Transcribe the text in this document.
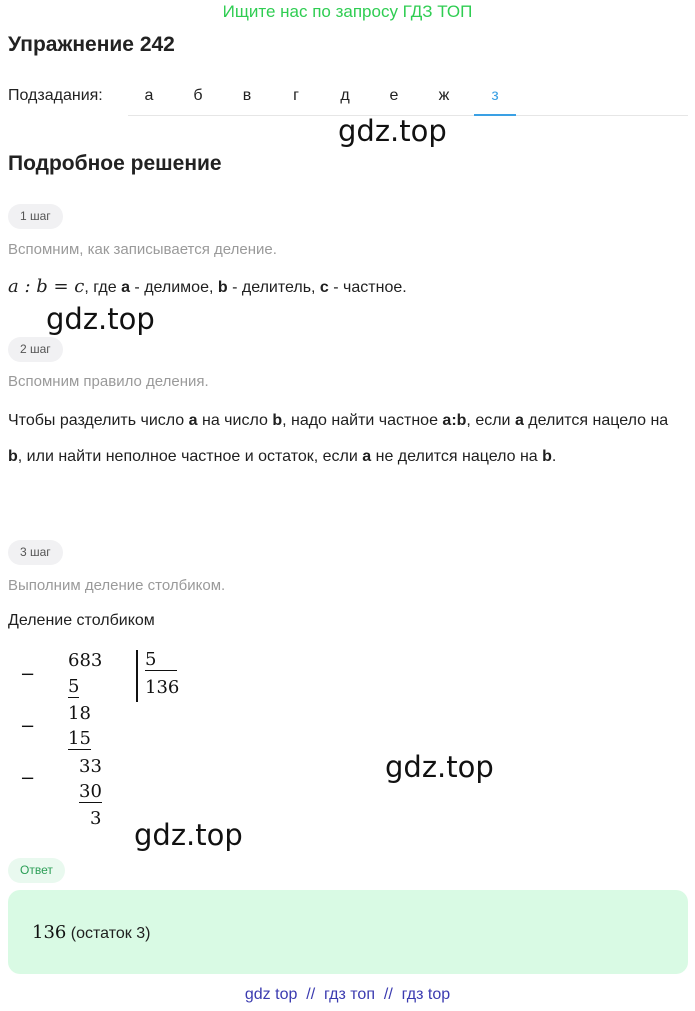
Ищите нас по запросу ГДЗ ТОП
Упражнение 242
Подзадания:	а	б	в	г	д	е	ж	з
gdz.top
Подробное решение
1 шаг
Вспомним, как записывается деление.
a : b = c, где a - делимое, b - делитель, c - частное.
gdz.top
2 шаг
Вспомним правило деления.
Чтобы разделить число a на число b, надо найти частное a:b, если a делится нацело на b, или найти неполное частное и остаток, если a не делится нацело на b.
3 шаг
Выполним деление столбиком.
Деление столбиком
−
−
−
683
5
18
15
33
30
3
5
136
gdz.top
gdz.top
Ответ
136 (остаток 3)
gdz top  //  гдз топ  //  гдз top
